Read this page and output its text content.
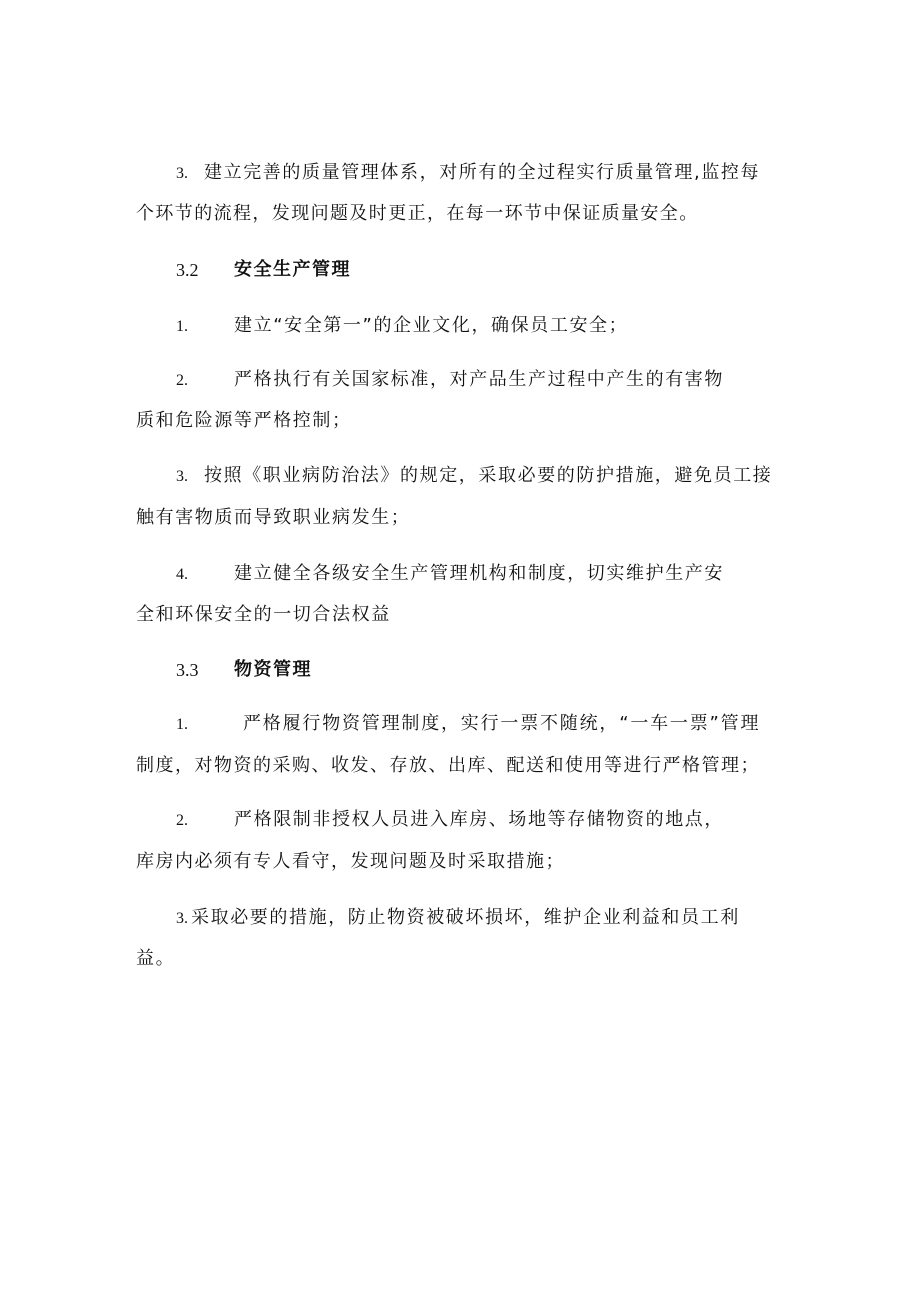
3. 建立完善的质量管理体系，对所有的全过程实行质量管理,监控每
个环节的流程，发现问题及时更正，在每一环节中保证质量安全。
3.2 安全生产管理
1.	建立“安全第一”的企业文化，确保员工安全；
2.	严格执行有关国家标准，对产品生产过程中产生的有害物
质和危险源等严格控制；
3. 按照《职业病防治法》的规定，采取必要的防护措施，避免员工接
触有害物质而导致职业病发生；
4.	建立健全各级安全生产管理机构和制度，切实维护生产安
全和环保安全的一切合法权益
3.3 物资管理
1.	严格履行物资管理制度，实行一票不随统，“一车一票”管理
制度，对物资的采购、收发、存放、出库、配送和使用等进行严格管理；
2.	严格限制非授权人员进入库房、场地等存储物资的地点，
库房内必须有专人看守，发现问题及时采取措施；
3. 采取必要的措施，防止物资被破坏损坏，维护企业利益和员工利
益。
